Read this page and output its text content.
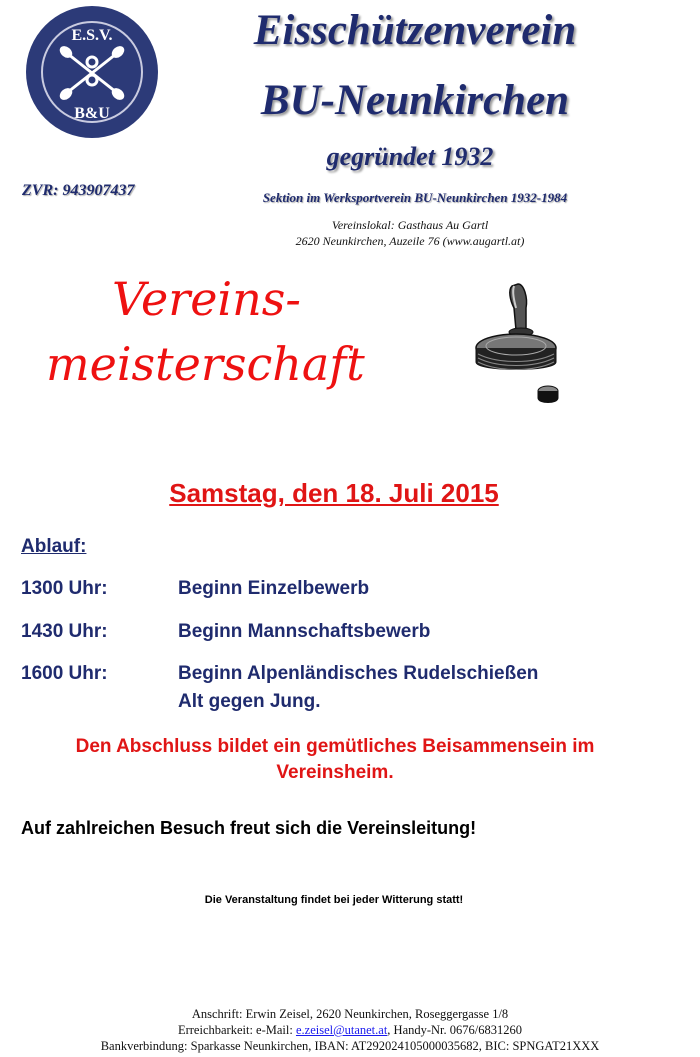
E.S.V.
B&U
Eisschützenverein
BU-Neunkirchen
gegründet 1932
ZVR: 943907437	Sektion im Werksportverein BU-Neunkirchen 1932-1984
Vereinslokal: Gasthaus Au Gartl
2620 Neunkirchen, Auzeile 76 (www.augartl.at)
Vereins-
meisterschaft
Samstag, den 18. Juli 2015
Ablauf:
1300 Uhr:	Beginn Einzelbewerb
1430 Uhr:	Beginn Mannschaftsbewerb
1600 Uhr:	Beginn Alpenländisches Rudelschießen
Alt gegen Jung.
Den Abschluss bildet ein gemütliches Beisammensein im
Vereinsheim.
Auf zahlreichen Besuch freut sich die Vereinsleitung!
Die Veranstaltung findet bei jeder Witterung statt!
Anschrift: Erwin Zeisel, 2620 Neunkirchen, Roseggergasse 1/8
Erreichbarkeit: e-Mail: e.zeisel@utanet.at, Handy-Nr. 0676/6831260
Bankverbindung: Sparkasse Neunkirchen, IBAN: AT292024105000035682, BIC: SPNGAT21XXX
